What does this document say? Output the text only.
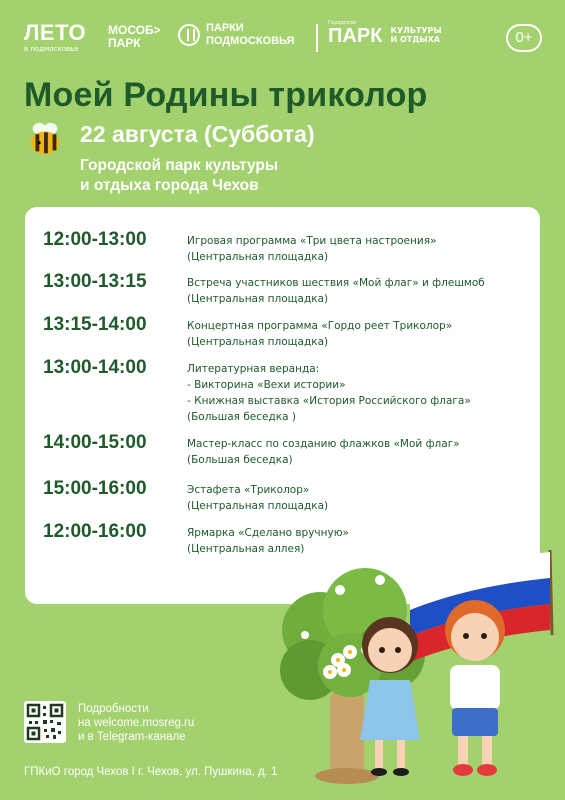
ЛЕТО
в подмосковье
МОСОБ>
ПАРК
ПАРКИ
ПОДМОСКОВЬЯ
Городской
ПАРК КУЛЬТУРЫ
И ОТДЫХА	0+
Моей Родины триколор
22 августа (Суббота)
Городской парк культуры
и отдыха города Чехов
12:00-13:00	Игровая программа «Три цвета настроения»
(Центральная площадка)
13:00-13:15	Встреча участников шествия «Мой флаг» и флешмоб
(Центральная площадка)
13:15-14:00	Концертная программа «Гордо реет Триколор»
(Центральная площадка)
13:00-14:00	Литературная веранда:
- Викторина «Вехи истории»
- Книжная выставка «История Российского флага»
(Большая беседка )
14:00-15:00	Мастер-класс по созданию флажков «Мой флаг»
(Большая беседка)
15:00-16:00	Эстафета «Триколор»
(Центральная площадка)
12:00-16:00	Ярмарка «Сделано вручную»
(Центральная аллея)
Подробности
на welcome.mosreg.ru
и в Telegram-канале
ГПКиО город Чехов I г. Чехов, ул. Пушкина, д. 1
